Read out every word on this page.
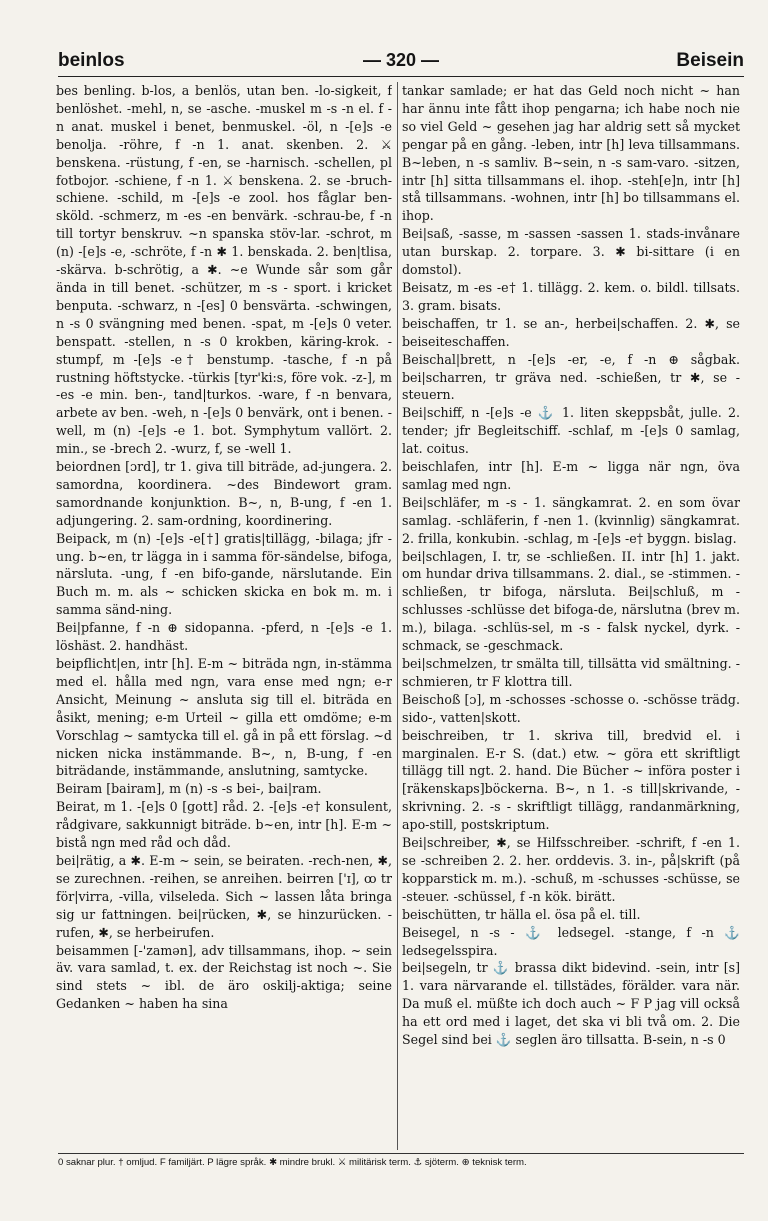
beinlos	— 320 —	Beisein

bes benling. b-los, a benlös, utan ben. -lo-sigkeit, f benlöshet. -mehl, n, se -asche. -muskel m -s -n el. f -n anat. muskel i benet, benmuskel. -öl, n -[e]s -e benolja. -röhre, f -n 1. anat. skenben. 2. ⚔ benskena. -rüstung, f -en, se -harnisch. -schellen, pl fotbojor. -schiene, f -n 1. ⚔ benskena. 2. se -bruch-schiene. -schild, m -[e]s -e zool. hos fåglar ben-sköld. -schmerz, m -es -en benvärk. -schrau-be, f -n till tortyr benskruv. ~n spanska stöv-lar. -schrot, m (n) -[e]s -e, -schröte, f -n ✱ 1. benskada. 2. ben|tlisa, -skärva. b-schrötig, a ✱. ~e Wunde sår som går ända in till benet. -schützer, m -s - sport. i kricket benputa. -schwarz, n -[es] 0 bensvärta. -schwingen, n -s 0 svängning med benen. -spat, m -[e]s 0 veter. benspatt. -stellen, n -s 0 krokben, käring-krok. -stumpf, m -[e]s -e† benstump. -tasche, f -n på rustning höftstycke. -türkis [tyr'ki:s, före vok. -z-], m -es -e min. ben-, tand|turkos. -ware, f -n benvara, arbete av ben. -weh, n -[e]s 0 benvärk, ont i benen. -well, m (n) -[e]s -e 1. bot. Symphytum vallört. 2. min., se -brech 2. -wurz, f, se -well 1.

beiordnen [ɔrd], tr 1. giva till biträde, ad-jungera. 2. samordna, koordinera. ~des Bindewort gram. samordnande konjunktion. B~, n, B-ung, f -en 1. adjungering. 2. sam-ordning, koordinering.

Beipack, m (n) -[e]s -e[†] gratis|tillägg, -bilaga; jfr -ung. b~en, tr lägga in i samma för-sändelse, bifoga, närsluta. -ung, f -en bifo-gande, närslutande. Ein Buch m. m. als ~ schicken skicka en bok m. m. i samma sänd-ning.

Bei|pfanne, f -n ⊕ sidopanna. -pferd, n -[e]s -e 1. löshäst. 2. handhäst.

beipflicht|en, intr [h]. E-m ~ biträda ngn, in-stämma med el. hålla med ngn, vara ense med ngn; e-r Ansicht, Meinung ~ ansluta sig till el. biträda en åsikt, mening; e-m Urteil ~ gilla ett omdöme; e-m Vorschlag ~ samtycka till el. gå in på ett förslag. ~d nicken nicka instämmande. B~, n, B-ung, f -en biträdande, instämmande, anslutning, samtycke.

Beiram [bairam], m (n) -s -s bei-, bai|ram.

Beirat, m 1. -[e]s 0 [gott] råd. 2. -[e]s -e† konsulent, rådgivare, sakkunnigt biträde. b~en, intr [h]. E-m ~ bistå ngn med råd och dåd.

bei|rätig, a ✱. E-m ~ sein, se beiraten. -rech-nen, ✱, se zurechnen. -reihen, se anreihen. beirren ['ɪ], ꝏ tr för|virra, -villa, vilseleda. Sich ~ lassen låta bringa sig ur fattningen. bei|rücken, ✱, se hinzurücken. -rufen, ✱, se herbeirufen.

beisammen [-'zamən], adv tillsammans, ihop. ~ sein äv. vara samlad, t. ex. der Reichstag ist noch ~. Sie sind stets ~ ibl. de äro oskilj-aktiga; seine Gedanken ~ haben ha sina

tankar samlade; er hat das Geld noch nicht ~ han har ännu inte fått ihop pengarna; ich habe noch nie so viel Geld ~ gesehen jag har aldrig sett så mycket pengar på en gång. -leben, intr [h] leva tillsammans. B~leben, n -s samliv. B~sein, n -s sam-varo. -sitzen, intr [h] sitta tillsammans el. ihop. -steh[e]n, intr [h] stå tillsammans. -wohnen, intr [h] bo tillsammans el. ihop.

Bei|saß, -sasse, m -sassen -sassen 1. stads-invånare utan burskap. 2. torpare. 3. ✱ bi-sittare (i en domstol).

Beisatz, m -es -e† 1. tillägg. 2. kem. o. bildl. tillsats. 3. gram. bisats.

beischaffen, tr 1. se an-, herbei|schaffen. 2. ✱, se beiseiteschaffen.

Beischal|brett, n -[e]s -er, -e, f -n ⊕ sågbak. bei|scharren, tr gräva ned. -schießen, tr ✱, se -steuern.

Bei|schiff, n -[e]s -e ⚓ 1. liten skeppsbåt, julle. 2. tender; jfr Begleitschiff. -schlaf, m -[e]s 0 samlag, lat. coitus.

beischlafen, intr [h]. E-m ~ ligga när ngn, öva samlag med ngn.

Bei|schläfer, m -s - 1. sängkamrat. 2. en som övar samlag. -schläferin, f -nen 1. (kvinnlig) sängkamrat. 2. frilla, konkubin. -schlag, m -[e]s -e† byggn. bislag.

bei|schlagen, I. tr, se -schließen. II. intr [h] 1. jakt. om hundar driva tillsammans. 2. dial., se -stimmen. -schließen, tr bifoga, närsluta. Bei|schluß, m -schlusses -schlüsse det bifoga-de, närslutna (brev m. m.), bilaga. -schlüs-sel, m -s - falsk nyckel, dyrk. -schmack, se -geschmack.

bei|schmelzen, tr smälta till, tillsätta vid smältning. -schmieren, tr F klottra till.

Beischoß [ɔ], m -schosses -schosse o. -schösse trädg. sido-, vatten|skott.

beischreiben, tr 1. skriva till, bredvid el. i marginalen. E-r S. (dat.) etw. ~ göra ett skriftligt tillägg till ngt. 2. hand. Die Bücher ~ införa poster i [räkenskaps]böckerna. B~, n 1. -s till|skrivande, -skrivning. 2. -s - skriftligt tillägg, randanmärkning, apo-still, postskriptum.

Bei|schreiber, ✱, se Hilfsschreiber. -schrift, f -en 1. se -schreiben 2. 2. her. orddevis. 3. in-, på|skrift (på kopparstick m. m.). -schuß, m -schusses -schüsse, se -steuer. -schüssel, f -n kök. birätt.

beischütten, tr hälla el. ösa på el. till.

Beisegel, n -s - ⚓ ledsegel. -stange, f -n ⚓ ledsegelsspira.

bei|segeln, tr ⚓ brassa dikt bidevind. -sein, intr [s] 1. vara närvarande el. tillstädes, förälder. vara när. Da muß el. müßte ich doch auch ~ F P jag vill också ha ett ord med i laget, det ska vi bli två om. 2. Die Segel sind bei ⚓ seglen äro tillsatta. B-sein, n -s 0

0 saknar plur. † omljud. F familjärt. P lägre språk. ✱ mindre brukl. ⚔ militärisk term. ⚓ sjöterm. ⊕ teknisk term.
